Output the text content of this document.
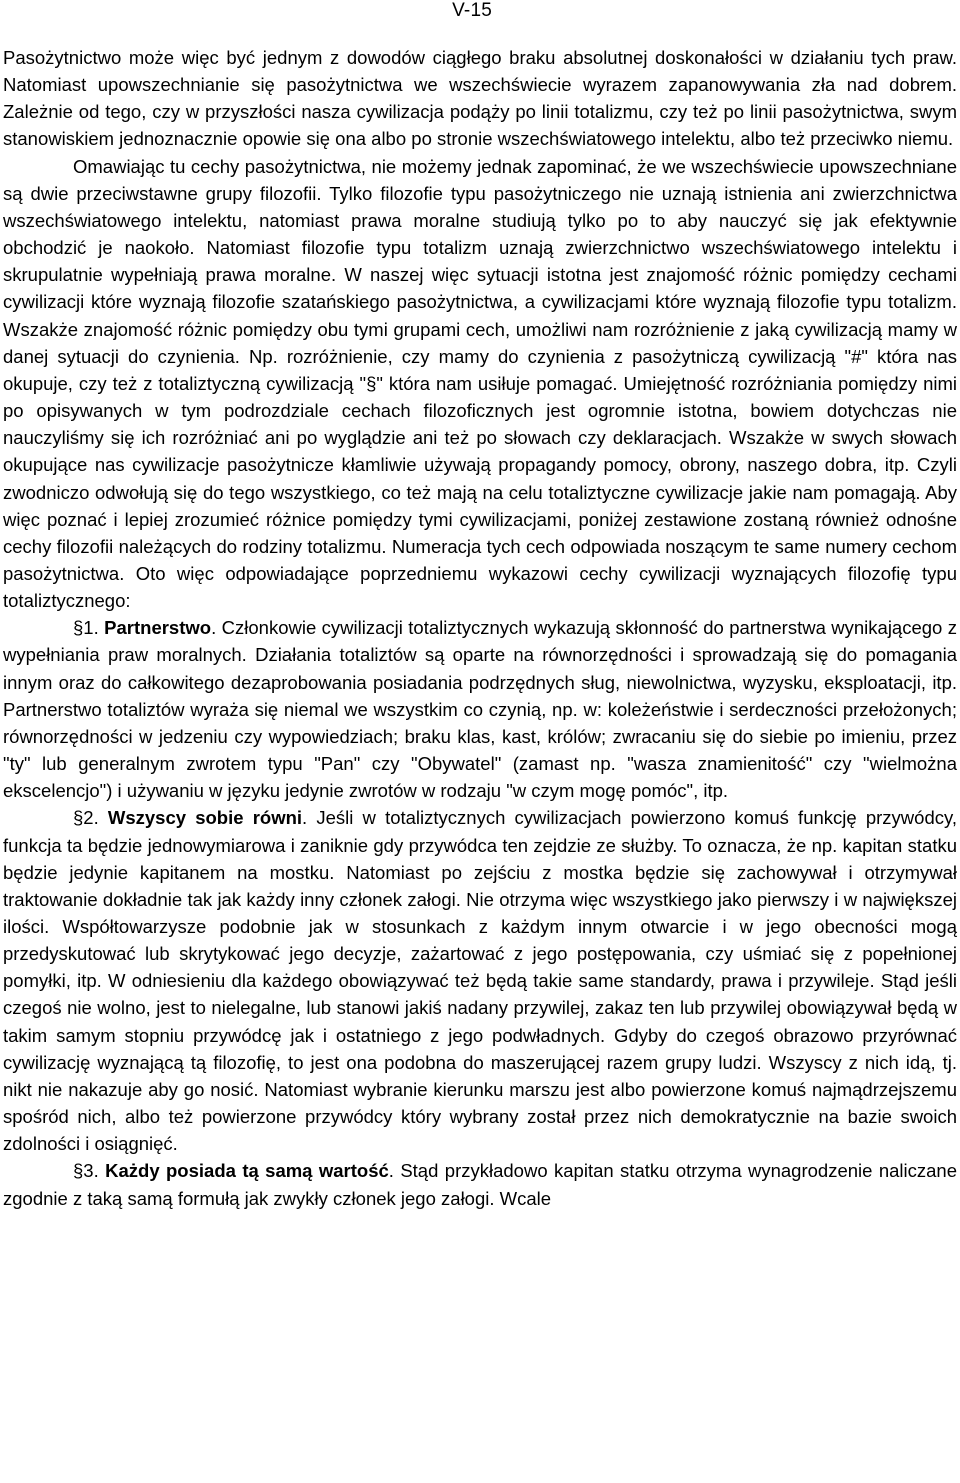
V-15

Pasożytnictwo może więc być jednym z dowodów ciągłego braku absolutnej doskonałości w działaniu tych praw. Natomiast upowszechnianie się pasożytnictwa we wszechświecie wyrazem zapanowywania zła nad dobrem. Zależnie od tego, czy w przyszłości nasza cywilizacja podąży po linii totalizmu, czy też po linii pasożytnictwa, swym stanowiskiem jednoznacznie opowie się ona albo po stronie wszechświatowego intelektu, albo też przeciwko niemu.

Omawiając tu cechy pasożytnictwa, nie możemy jednak zapominać, że we wszechświecie upowszechniane są dwie przeciwstawne grupy filozofii. Tylko filozofie typu pasożytniczego nie uznają istnienia ani zwierzchnictwa wszechświatowego intelektu, natomiast prawa moralne studiują tylko po to aby nauczyć się jak efektywnie obchodzić je naokoło. Natomiast filozofie typu totalizm uznają zwierzchnictwo wszechświatowego intelektu i skrupulatnie wypełniają prawa moralne. W naszej więc sytuacji istotna jest znajomość różnic pomiędzy cechami cywilizacji które wyznają filozofie szatańskiego pasożytnictwa, a cywilizacjami które wyznają filozofie typu totalizm. Wszakże znajomość różnic pomiędzy obu tymi grupami cech, umożliwi nam rozróżnienie z jaką cywilizacją mamy w danej sytuacji do czynienia. Np. rozróżnienie, czy mamy do czynienia z pasożytniczą cywilizacją "#" która nas okupuje, czy też z totaliztyczną cywilizacją "§" która nam usiłuje pomagać. Umiejętność rozróżniania pomiędzy nimi po opisywanych w tym podrozdziale cechach filozoficznych jest ogromnie istotna, bowiem dotychczas nie nauczyliśmy się ich rozróżniać ani po wyglądzie ani też po słowach czy deklaracjach. Wszakże w swych słowach okupujące nas cywilizacje pasożytnicze kłamliwie używają propagandy pomocy, obrony, naszego dobra, itp. Czyli zwodniczo odwołują się do tego wszystkiego, co też mają na celu totaliztyczne cywilizacje jakie nam pomagają. Aby więc poznać i lepiej zrozumieć różnice pomiędzy tymi cywilizacjami, poniżej zestawione zostaną również odnośne cechy filozofii należących do rodziny totalizmu. Numeracja tych cech odpowiada noszącym te same numery cechom pasożytnictwa. Oto więc odpowiadające poprzedniemu wykazowi cechy cywilizacji wyznających filozofię typu totaliztycznego:

§1. Partnerstwo. Członkowie cywilizacji totaliztycznych wykazują skłonność do partnerstwa wynikającego z wypełniania praw moralnych. Działania totaliztów są oparte na równorzędności i sprowadzają się do pomagania innym oraz do całkowitego dezaprobowania posiadania podrzędnych sług, niewolnictwa, wyzysku, eksploatacji, itp. Partnerstwo totaliztów wyraża się niemal we wszystkim co czynią, np. w: koleżeństwie i serdeczności przełożonych; równorzędności w jedzeniu czy wypowiedziach; braku klas, kast, królów; zwracaniu się do siebie po imieniu, przez "ty" lub generalnym zwrotem typu "Pan" czy "Obywatel" (zamast np. "wasza znamienitość" czy "wielmożna ekscelencjo") i używaniu w języku jedynie zwrotów w rodzaju "w czym mogę pomóc", itp.

§2. Wszyscy sobie równi. Jeśli w totaliztycznych cywilizacjach powierzono komuś funkcję przywódcy, funkcja ta będzie jednowymiarowa i zaniknie gdy przywódca ten zejdzie ze służby. To oznacza, że np. kapitan statku będzie jedynie kapitanem na mostku. Natomiast po zejściu z mostka będzie się zachowywał i otrzymywał traktowanie dokładnie tak jak każdy inny członek załogi. Nie otrzyma więc wszystkiego jako pierwszy i w największej ilości. Współtowarzysze podobnie jak w stosunkach z każdym innym otwarcie i w jego obecności mogą przedyskutować lub skrytykować jego decyzje, zażartować z jego postępowania, czy uśmiać się z popełnionej pomyłki, itp. W odniesieniu dla każdego obowiązywać też będą takie same standardy, prawa i przywileje. Stąd jeśli czegoś nie wolno, jest to nielegalne, lub stanowi jakiś nadany przywilej, zakaz ten lub przywilej obowiązywał będą w takim samym stopniu przywódcę jak i ostatniego z jego podwładnych. Gdyby do czegoś obrazowo przyrównać cywilizację wyznającą tą filozofię, to jest ona podobna do maszerującej razem grupy ludzi. Wszyscy z nich idą, tj. nikt nie nakazuje aby go nosić. Natomiast wybranie kierunku marszu jest albo powierzone komuś najmądrzejszemu spośród nich, albo też powierzone przywódcy który wybrany został przez nich demokratycznie na bazie swoich zdolności i osiągnięć.

§3. Każdy posiada tą samą wartość. Stąd przykładowo kapitan statku otrzyma wynagrodzenie naliczane zgodnie z taką samą formułą jak zwykły członek jego załogi. Wcale
